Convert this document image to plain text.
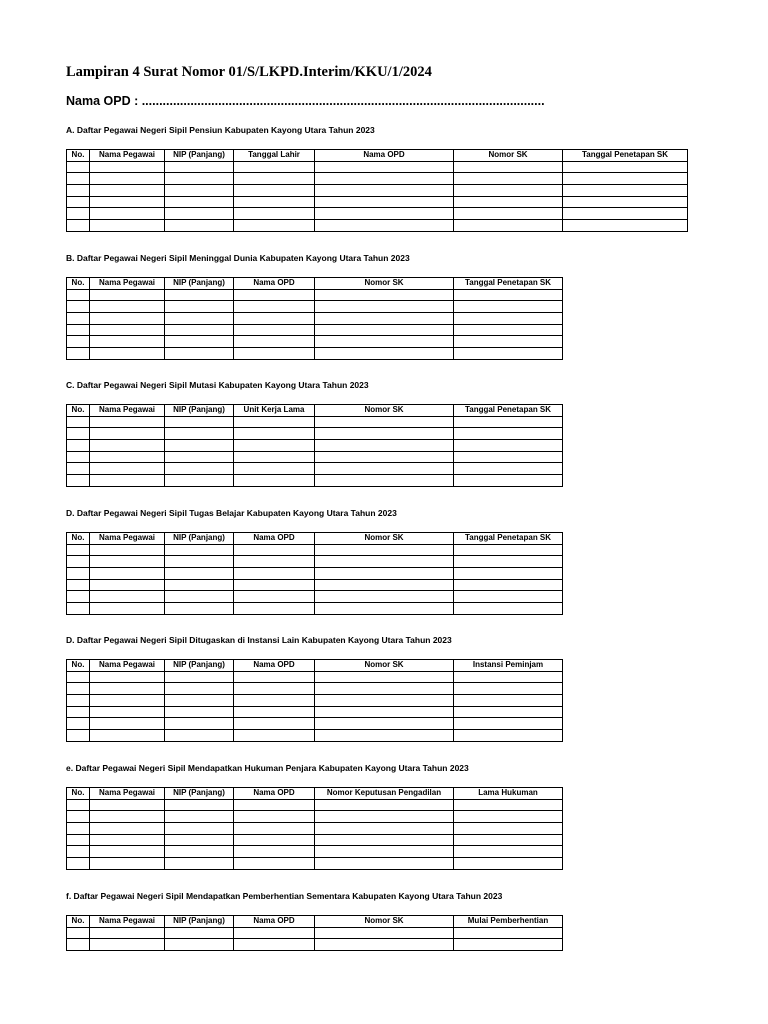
Lampiran 4 Surat Nomor 01/S/LKPD.Interim/KKU/1/2024
Nama OPD : ....................................................................................................................
A. Daftar Pegawai Negeri Sipil Pensiun Kabupaten Kayong Utara Tahun 2023
No.	Nama Pegawai	NIP (Panjang)	Tanggal Lahir	Nama OPD	Nomor SK	Tanggal Penetapan SK

B. Daftar Pegawai Negeri Sipil Meninggal Dunia Kabupaten Kayong Utara Tahun 2023
No.	Nama Pegawai	NIP (Panjang)	Nama OPD	Nomor SK	Tanggal Penetapan SK

C. Daftar Pegawai Negeri Sipil Mutasi Kabupaten Kayong Utara Tahun 2023
No.	Nama Pegawai	NIP (Panjang)	Unit Kerja Lama	Nomor SK	Tanggal Penetapan SK

D. Daftar Pegawai Negeri Sipil Tugas Belajar Kabupaten Kayong Utara Tahun 2023
No.	Nama Pegawai	NIP (Panjang)	Nama OPD	Nomor SK	Tanggal Penetapan SK

D. Daftar Pegawai Negeri Sipil Ditugaskan di Instansi Lain Kabupaten Kayong Utara Tahun 2023
No.	Nama Pegawai	NIP (Panjang)	Nama OPD	Nomor SK	Instansi Peminjam

e. Daftar Pegawai Negeri Sipil Mendapatkan Hukuman Penjara Kabupaten Kayong Utara Tahun 2023
No.	Nama Pegawai	NIP (Panjang)	Nama OPD	Nomor Keputusan Pengadilan	Lama Hukuman

f. Daftar Pegawai Negeri Sipil Mendapatkan Pemberhentian Sementara Kabupaten Kayong Utara Tahun 2023
No.	Nama Pegawai	NIP (Panjang)	Nama OPD	Nomor SK	Mulai Pemberhentian
